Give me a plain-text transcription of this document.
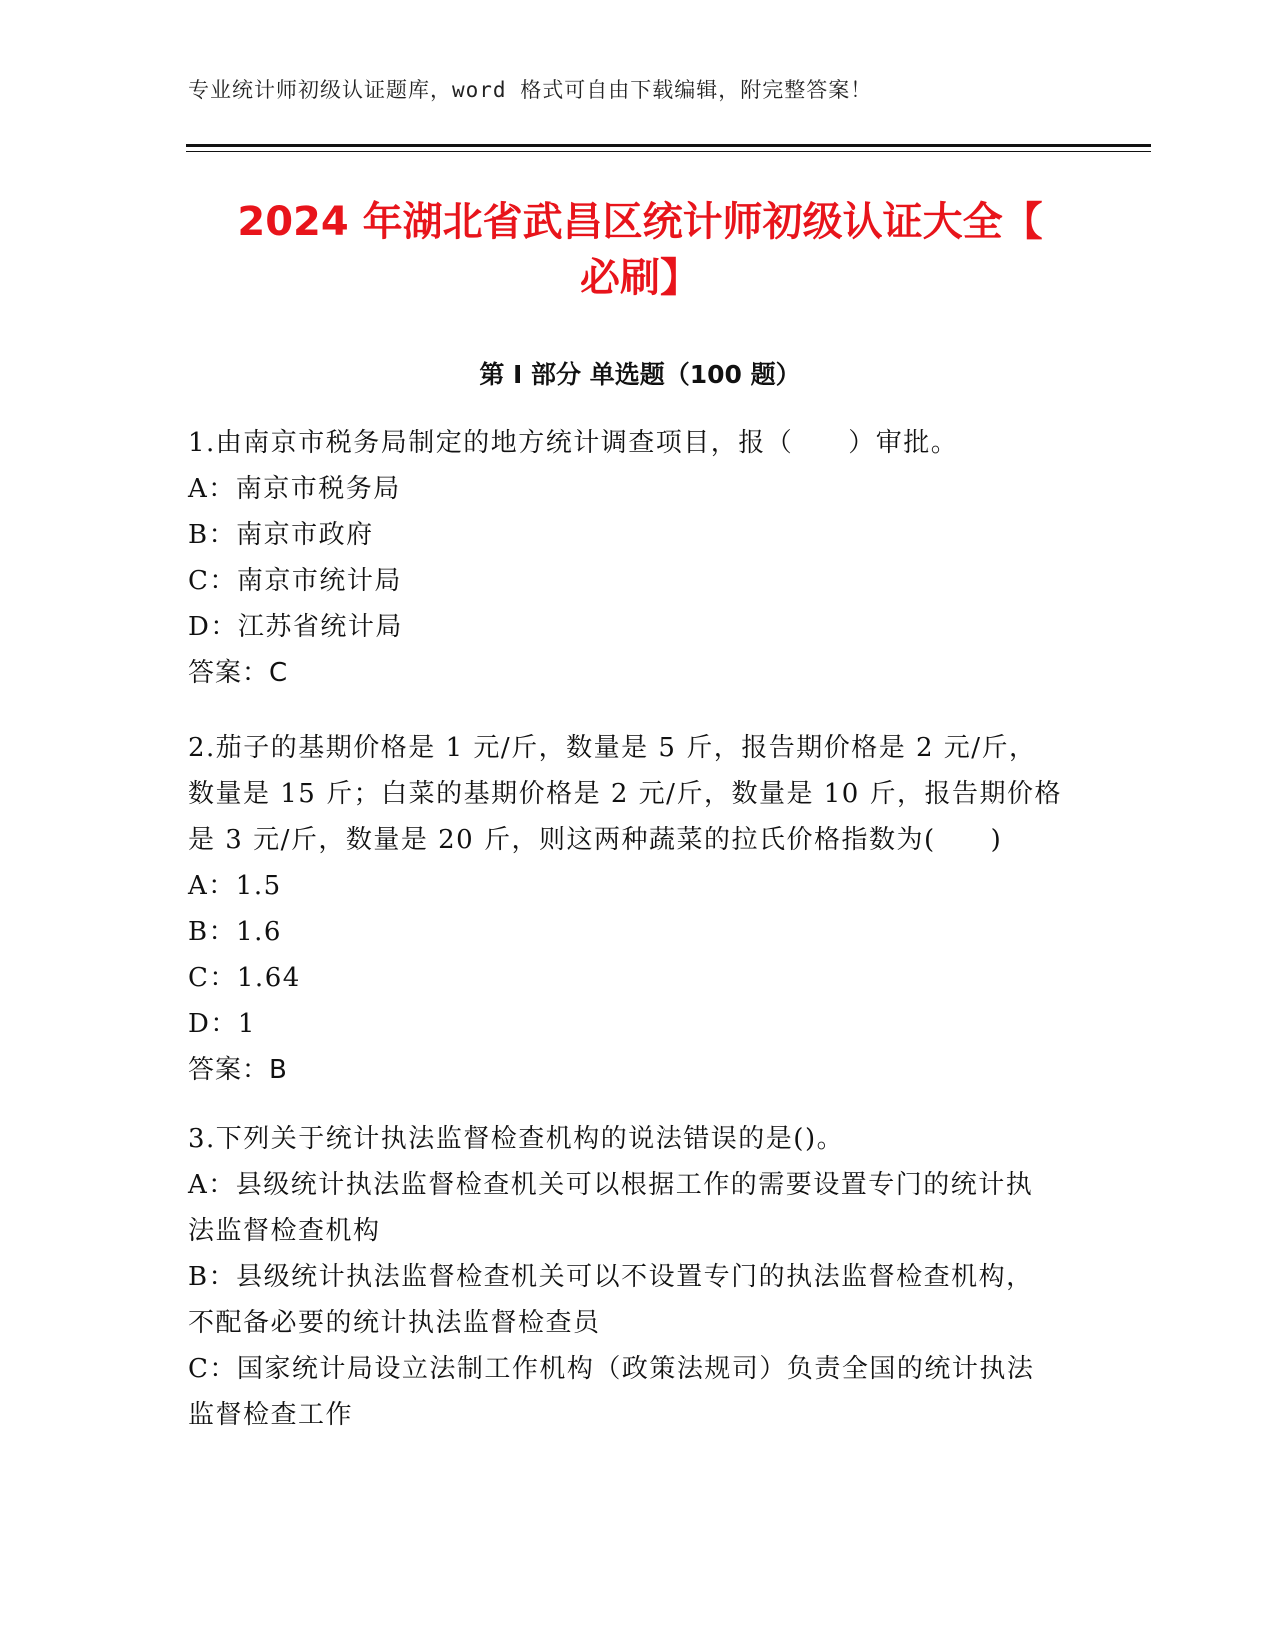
专业统计师初级认证题库，word 格式可自由下载编辑，附完整答案！
2024 年湖北省武昌区统计师初级认证大全【
必刷】
第 I 部分 单选题（100 题）
1.由南京市税务局制定的地方统计调查项目，报（　　）审批。
A：南京市税务局
B：南京市政府
C：南京市统计局
D：江苏省统计局
答案：C
2.茄子的基期价格是 1 元/斤，数量是 5 斤，报告期价格是 2 元/斤，
数量是 15 斤；白菜的基期价格是 2 元/斤，数量是 10 斤，报告期价格
是 3 元/斤，数量是 20 斤，则这两种蔬菜的拉氏价格指数为(　　)
A：1.5
B：1.6
C：1.64
D：1
答案：B
3.下列关于统计执法监督检查机构的说法错误的是()。
A：县级统计执法监督检查机关可以根据工作的需要设置专门的统计执
法监督检查机构
B：县级统计执法监督检查机关可以不设置专门的执法监督检查机构，
不配备必要的统计执法监督检查员
C：国家统计局设立法制工作机构（政策法规司）负责全国的统计执法
监督检查工作
